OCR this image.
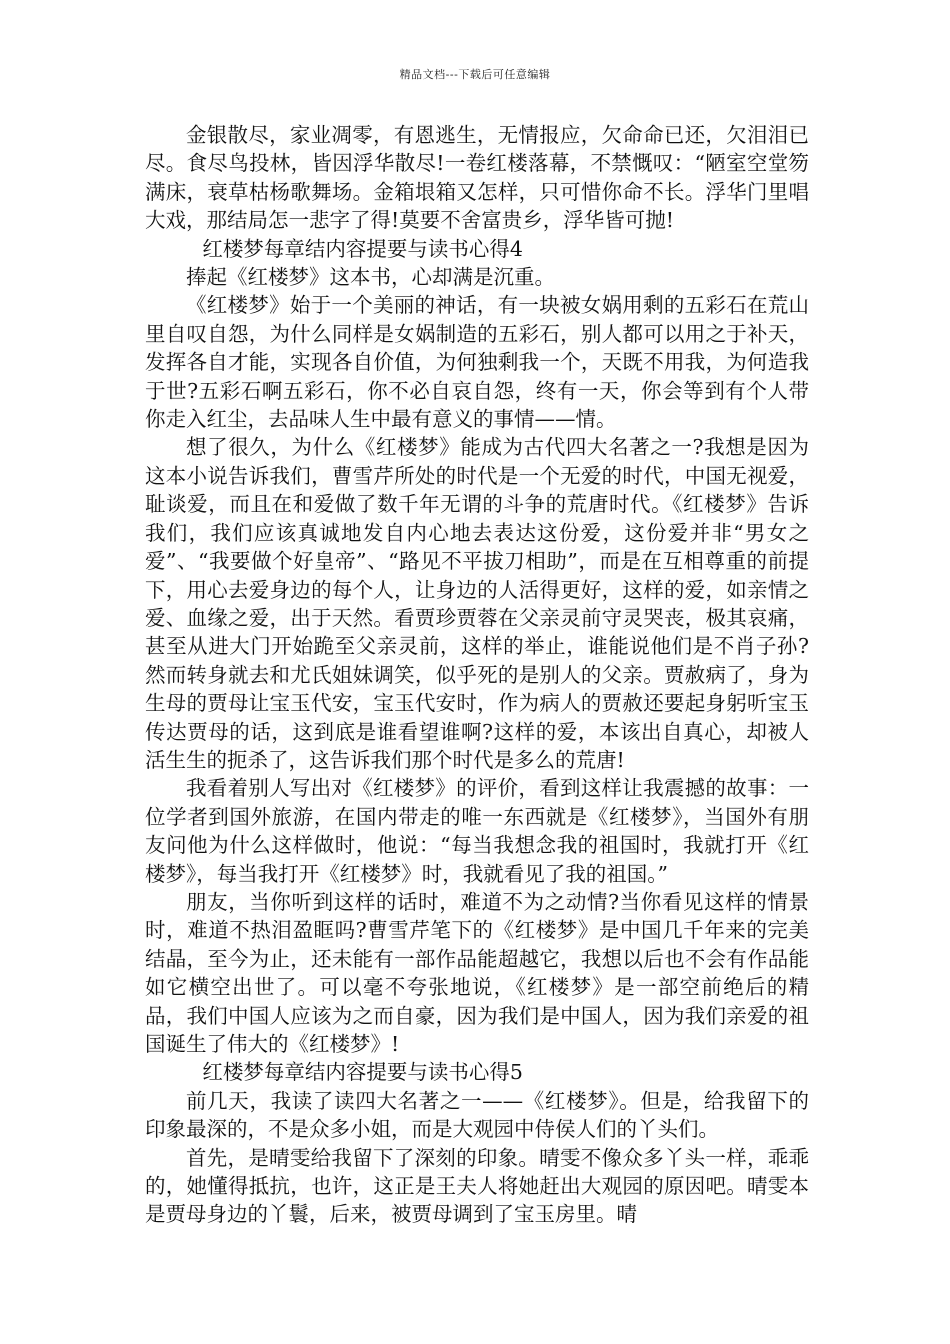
精品文档---下载后可任意编辑

金银散尽，家业凋零，有恩逃生，无情报应，欠命命已还，欠泪泪已尽。食尽鸟投林，皆因浮华散尽!一卷红楼落幕，不禁慨叹：“陋室空堂笏满床，衰草枯杨歌舞场。金箱垠箱又怎样，只可惜你命不长。浮华门里唱大戏，那结局怎一悲字了得!莫要不舍富贵乡，浮华皆可抛!

红楼梦每章结内容提要与读书心得4

捧起《红楼梦》这本书，心却满是沉重。

《红楼梦》始于一个美丽的神话，有一块被女娲用剩的五彩石在荒山里自叹自怨，为什么同样是女娲制造的五彩石，别人都可以用之于补天，发挥各自才能，实现各自价值，为何独剩我一个，天既不用我，为何造我于世?五彩石啊五彩石，你不必自哀自怨，终有一天，你会等到有个人带你走入红尘，去品味人生中最有意义的事情——情。

想了很久，为什么《红楼梦》能成为古代四大名著之一?我想是因为这本小说告诉我们，曹雪芹所处的时代是一个无爱的时代，中国无视爱，耻谈爱，而且在和爱做了数千年无谓的斗争的荒唐时代。《红楼梦》告诉我们，我们应该真诚地发自内心地去表达这份爱，这份爱并非“男女之爱”、“我要做个好皇帝”、“路见不平拔刀相助”，而是在互相尊重的前提下，用心去爱身边的每个人，让身边的人活得更好，这样的爱，如亲情之爱、血缘之爱，出于天然。看贾珍贾蓉在父亲灵前守灵哭丧，极其哀痛，甚至从进大门开始跪至父亲灵前，这样的举止，谁能说他们是不肖子孙?然而转身就去和尤氏姐妹调笑，似乎死的是别人的父亲。贾赦病了，身为生母的贾母让宝玉代安，宝玉代安时，作为病人的贾赦还要起身躬听宝玉传达贾母的话，这到底是谁看望谁啊?这样的爱，本该出自真心，却被人活生生的扼杀了，这告诉我们那个时代是多么的荒唐!

我看着别人写出对《红楼梦》的评价，看到这样让我震撼的故事：一位学者到国外旅游，在国内带走的唯一东西就是《红楼梦》，当国外有朋友问他为什么这样做时，他说：“每当我想念我的祖国时，我就打开《红楼梦》，每当我打开《红楼梦》时，我就看见了我的祖国。”

朋友，当你听到这样的话时，难道不为之动情?当你看见这样的情景时，难道不热泪盈眶吗?曹雪芹笔下的《红楼梦》是中国几千年来的完美结晶，至今为止，还未能有一部作品能超越它，我想以后也不会有作品能如它横空出世了。可以毫不夸张地说，《红楼梦》是一部空前绝后的精品，我们中国人应该为之而自豪，因为我们是中国人，因为我们亲爱的祖国诞生了伟大的《红楼梦》!

红楼梦每章结内容提要与读书心得5

前几天，我读了读四大名著之一——《红楼梦》。但是，给我留下的印象最深的，不是众多小姐，而是大观园中侍侯人们的丫头们。

首先，是晴雯给我留下了深刻的印象。晴雯不像众多丫头一样，乖乖的，她懂得抵抗，也许，这正是王夫人将她赶出大观园的原因吧。晴雯本是贾母身边的丫鬟，后来，被贾母调到了宝玉房里。晴
